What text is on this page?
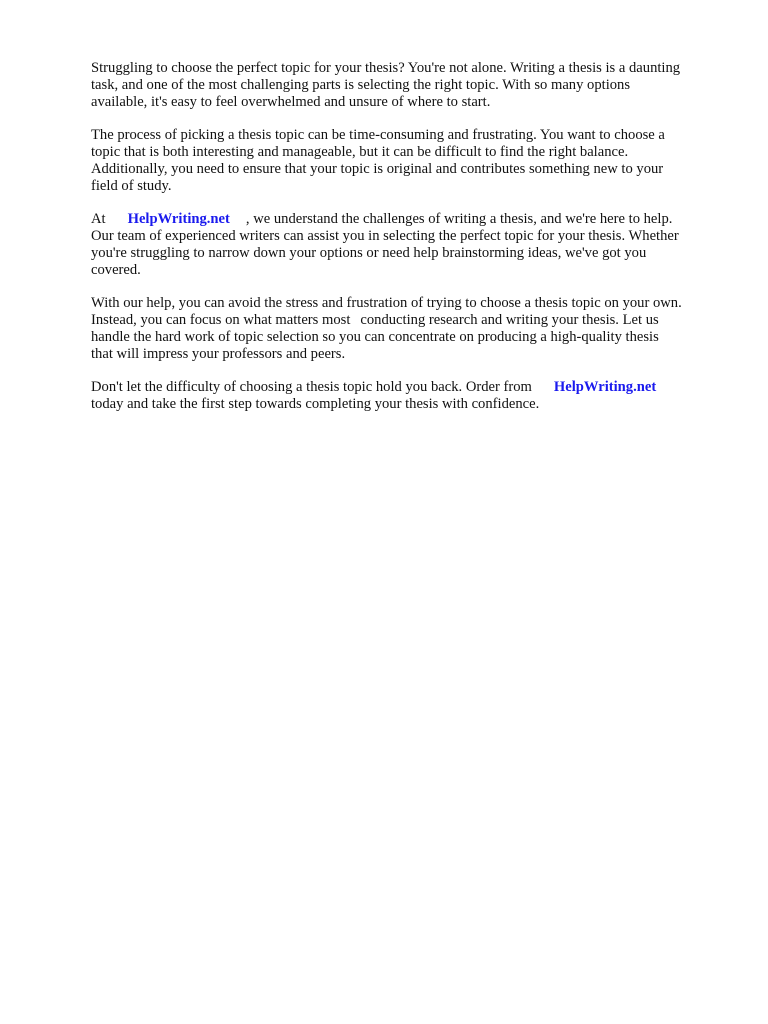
Struggling to choose the perfect topic for your thesis? You're not alone. Writing a thesis is a daunting
task, and one of the most challenging parts is selecting the right topic. With so many options
available, it's easy to feel overwhelmed and unsure of where to start.
The process of picking a thesis topic can be time-consuming and frustrating. You want to choose a
topic that is both interesting and manageable, but it can be difficult to find the right balance.
Additionally, you need to ensure that your topic is original and contributes something new to your
field of study.
At HelpWriting.net , we understand the challenges of writing a thesis, and we're here to help.
Our team of experienced writers can assist you in selecting the perfect topic for your thesis. Whether
you're struggling to narrow down your options or need help brainstorming ideas, we've got you
covered.
With our help, you can avoid the stress and frustration of trying to choose a thesis topic on your own.
Instead, you can focus on what matters most conducting research and writing your thesis. Let us
handle the hard work of topic selection so you can concentrate on producing a high-quality thesis
that will impress your professors and peers.
Don't let the difficulty of choosing a thesis topic hold you back. Order from HelpWriting.net
today and take the first step towards completing your thesis with confidence.
